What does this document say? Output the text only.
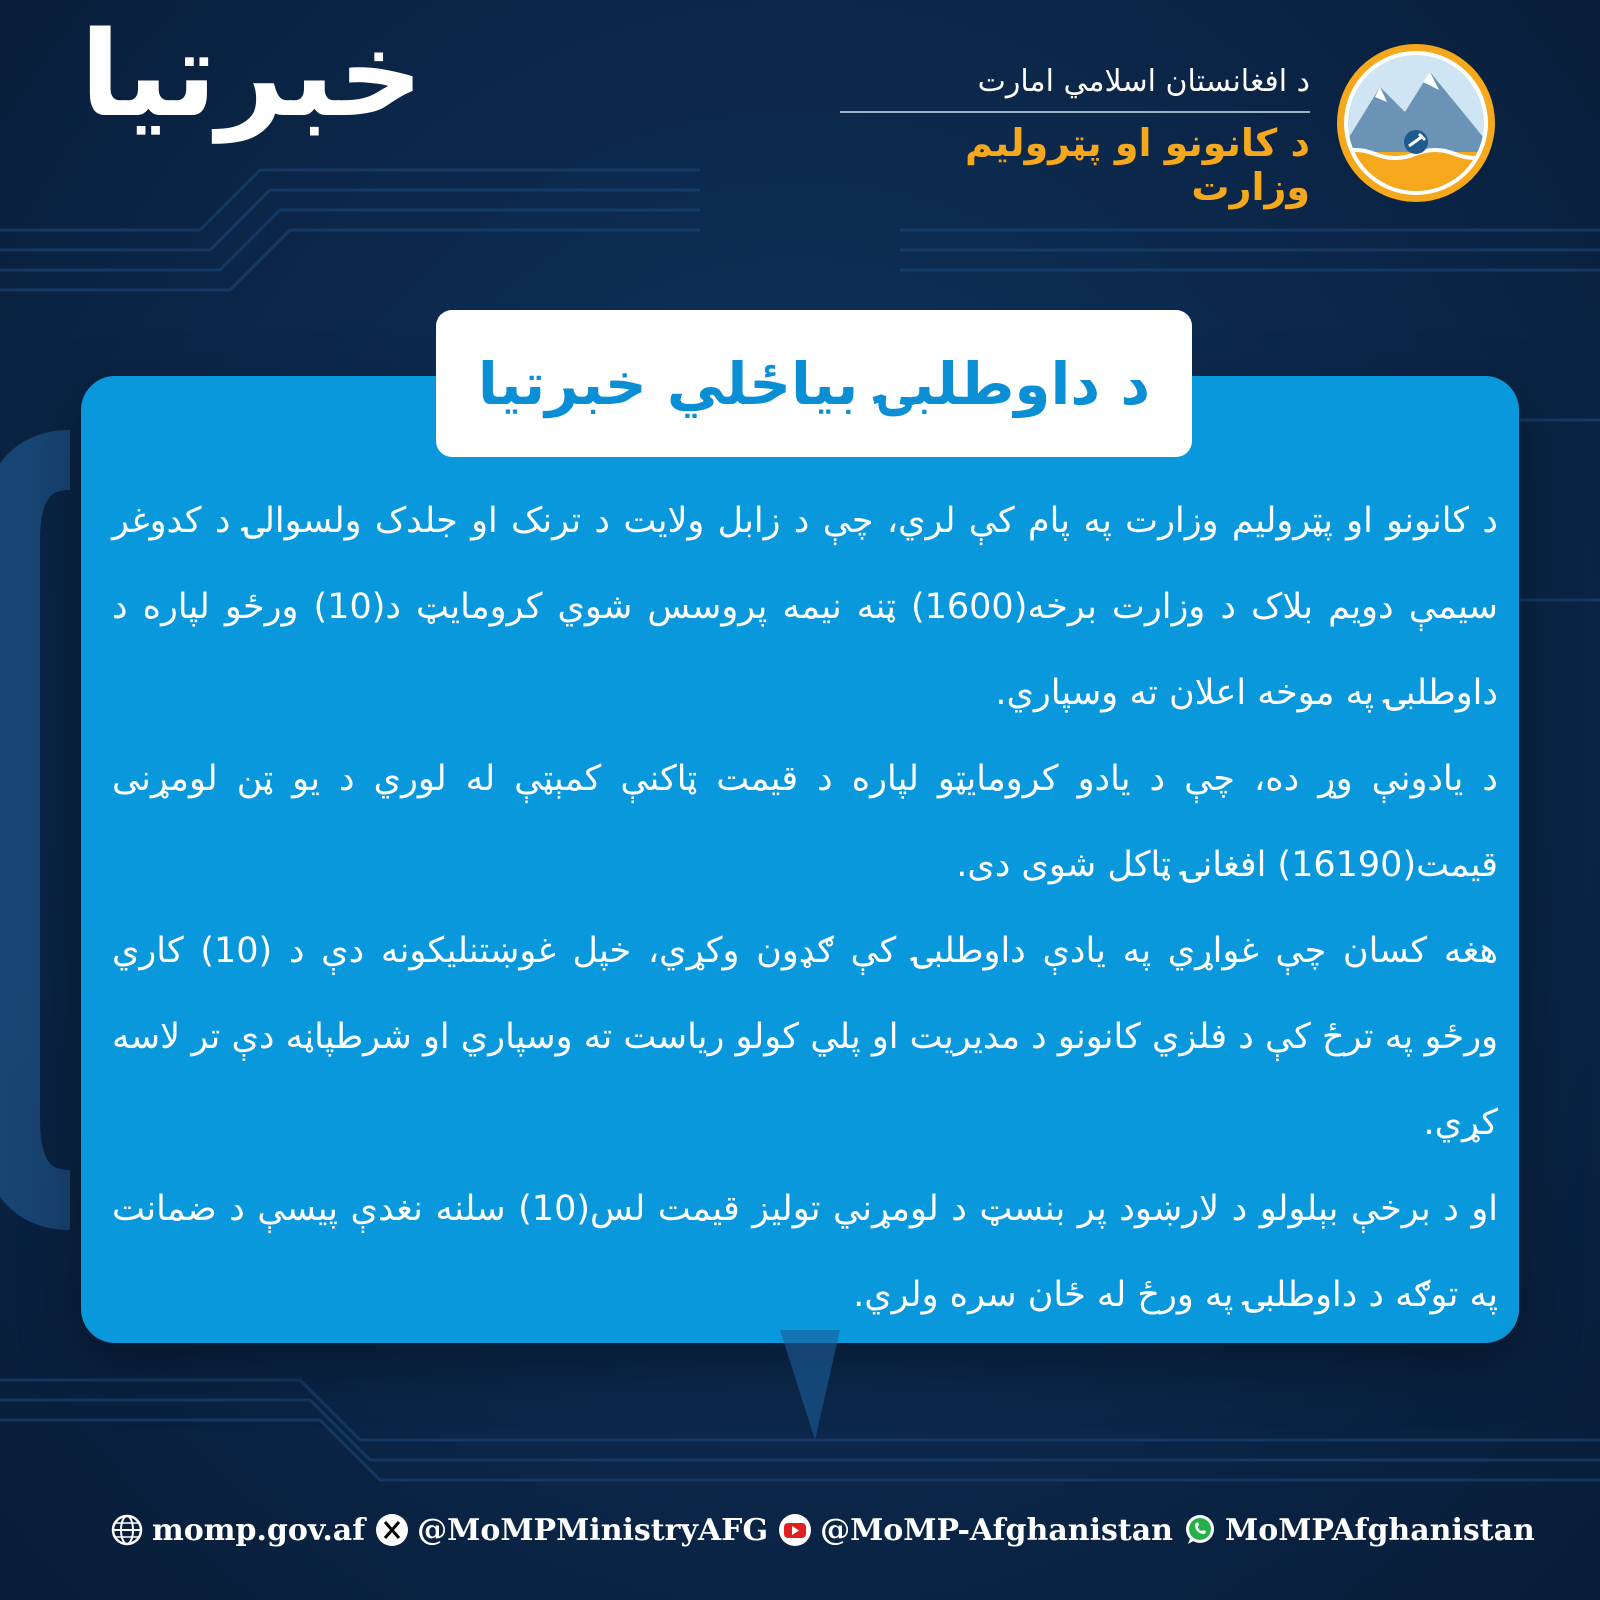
خبرتیا	د افغانستان اسلامي امارت
د کانونو او پټرولیم وزارت
د داوطلبۍ بیاځلي خبرتیا

د کانونو او پټرولیم وزارت په پام کې لري، چې د زابل ولایت د ترنک او جلدک ولسوالۍ د کدوغر سیمې دویم بلاک د وزارت برخه(1600) ټنه نیمه پروسس شوي کرومایټ د(10) ورځو لپاره د داوطلبۍ په موخه اعلان ته وسپاري.

د یادونې وړ ده، چې د یادو کرومایټو لپاره د قیمت ټاکنې کمېټې له لوري د یو ټن لومړنی قیمت(16190) افغانۍ ټاکل شوی دی.

هغه کسان چې غواړي په یادې داوطلبۍ کې ګډون وکړي، خپل غوښتنلیکونه دې د (10) کاري ورځو په ترځ کې د فلزي کانونو د مدیریت او پلي کولو ریاست ته وسپاري او شرطپاڼه دې تر لاسه کړي.

او د برخې بېلولو د لارښود پر بنسټ د لومړني تولیز قیمت لس(10) سلنه نغدې پیسې د ضمانت په توګه د داوطلبۍ په ورځ له ځان سره ولري.

momp.gov.af @MoMPMinistryAFG @MoMP-Afghanistan MoMPAfghanistan
